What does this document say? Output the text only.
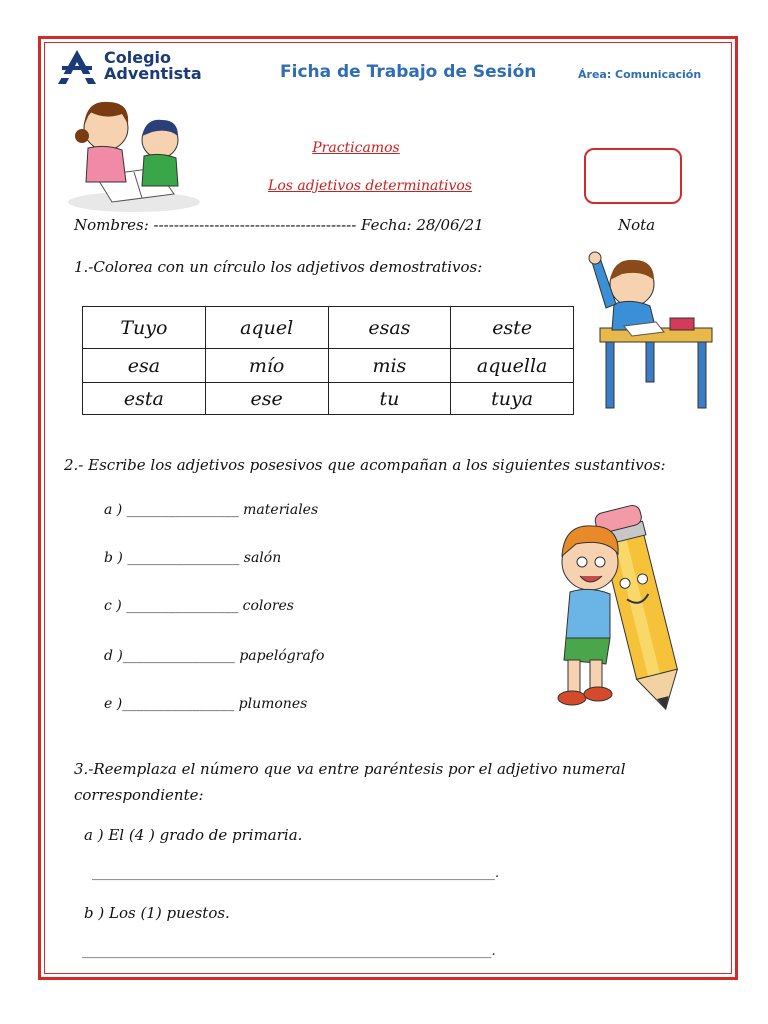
Colegio
Adventista	Ficha de Trabajo de Sesión	Área: Comunicación
Practicamos
Los adjetivos determinativos
Nombres: ---------------------------------------- Fecha: 28/06/21	Nota
1.-Colorea con un círculo los adjetivos demostrativos:
Tuyo	aquel	esas	este
esa	mío	mis	aquella
esta	ese	tu	tuya
2.- Escribe los adjetivos posesivos que acompañan a los siguientes sustantivos:
a ) ________________ materiales
b ) ________________ salón
c ) ________________ colores
d )________________ papelógrafo
e )________________ plumones
3.-Reemplaza el número que va entre paréntesis por el adjetivo numeral
correspondiente:
a ) El (4 ) grado de primaria.
______________________________________________________________.
b ) Los (1) puestos.
_______________________________________________________________.
